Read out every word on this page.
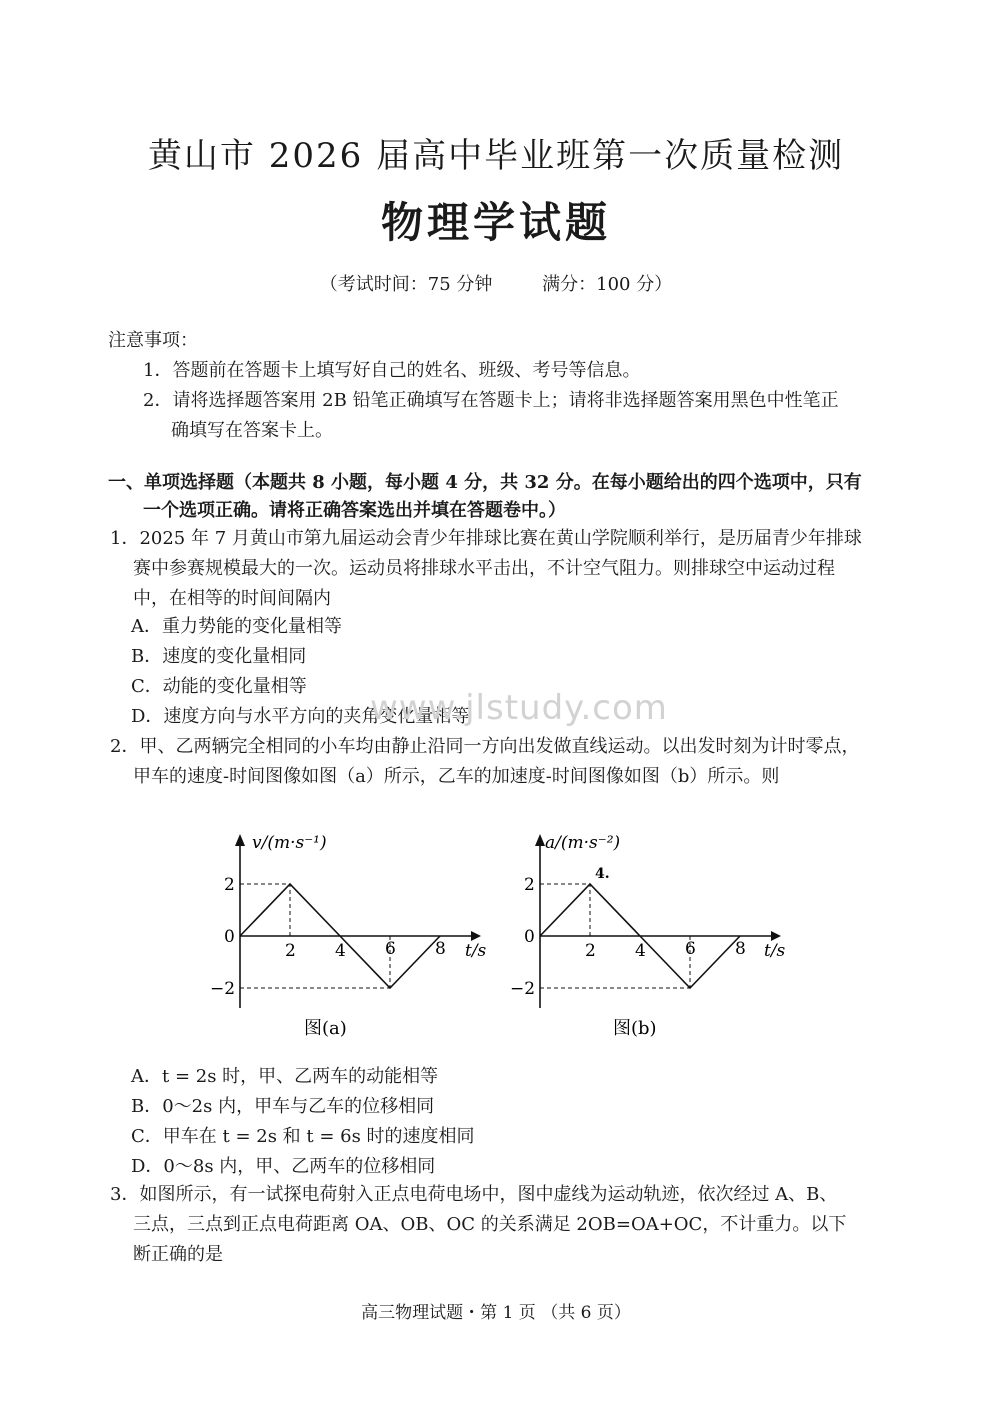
黄山市 2026 届高中毕业班第一次质量检测
物理学试题
（考试时间：75 分钟	满分：100 分）
注意事项：
1．答题前在答题卡上填写好自己的姓名、班级、考号等信息。
2．请将选择题答案用 2B 铅笔正确填写在答题卡上；请将非选择题答案用黑色中性笔正
确填写在答案卡上。
一、单项选择题（本题共 8 小题，每小题 4 分，共 32 分。在每小题给出的四个选项中，只有
一个选项正确。请将正确答案选出并填在答题卷中。）
1．2025 年 7 月黄山市第九届运动会青少年排球比赛在黄山学院顺利举行，是历届青少年排球
赛中参赛规模最大的一次。运动员将排球水平击出，不计空气阻力。则排球空中运动过程
中，在相等的时间间隔内
A．重力势能的变化量相等
B．速度的变化量相同
C．动能的变化量相等
D．速度方向与水平方向的夹角变化量相等
www.jlstudy.com
2．甲、乙两辆完全相同的小车均由静止沿同一方向出发做直线运动。以出发时刻为计时零点，
甲车的速度-时间图像如图（a）所示，乙车的加速度-时间图像如图（b）所示。则
v/(m·s⁻¹)
t/s
图(a)
2 4 6 8
2
0
−2
a/(m·s⁻²)
t/s
图(b)
4.
2 4 6 8
2
0
−2
A．t = 2s 时，甲、乙两车的动能相等
B．0～2s 内，甲车与乙车的位移相同
C．甲车在 t = 2s 和 t = 6s 时的速度相同
D．0～8s 内，甲、乙两车的位移相同
3．如图所示，有一试探电荷射入正点电荷电场中，图中虚线为运动轨迹，依次经过 A、B、
三点，三点到正点电荷距离 OA、OB、OC 的关系满足 2OB=OA+OC，不计重力。以下
断正确的是
高三物理试题・第 1 页 （共 6 页）
